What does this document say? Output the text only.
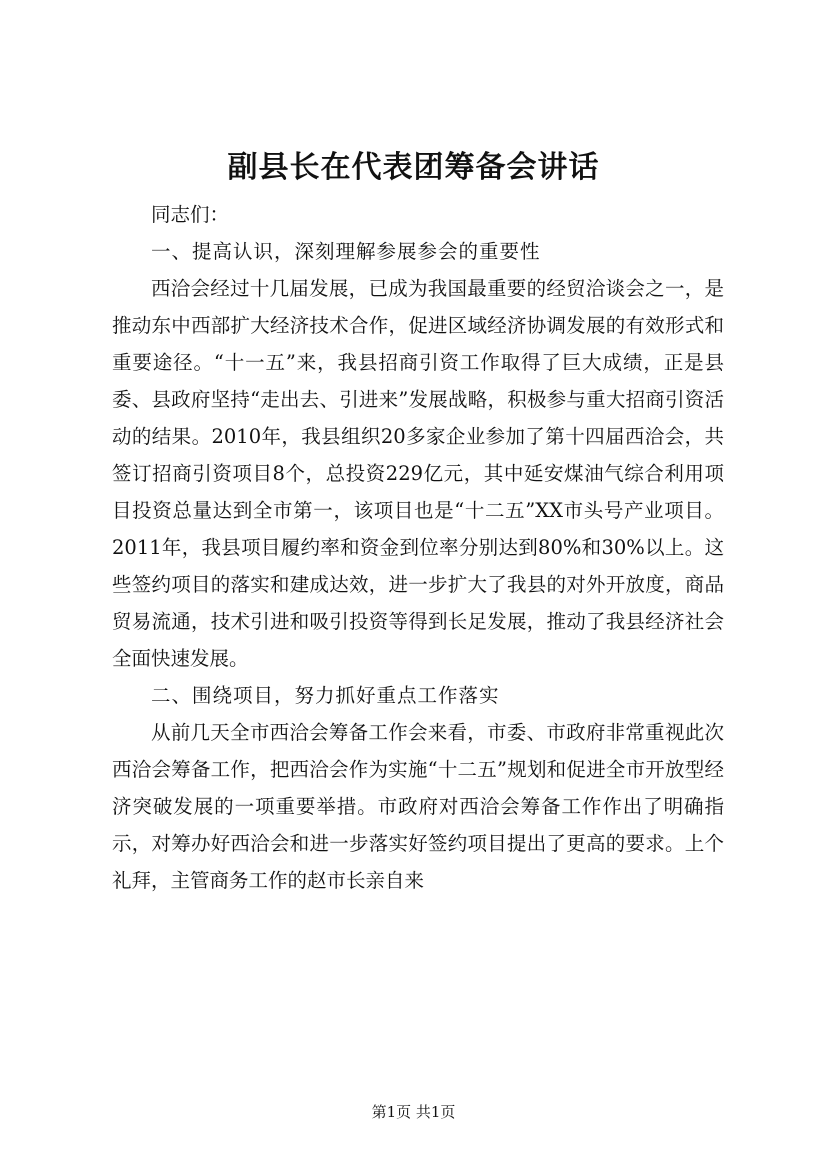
副县长在代表团筹备会讲话

同志们：

一、提高认识，深刻理解参展参会的重要性

西洽会经过十几届发展，已成为我国最重要的经贸洽谈会之一，是推动东中西部扩大经济技术合作，促进区域经济协调发展的有效形式和重要途径。“十一五”来，我县招商引资工作取得了巨大成绩，正是县委、县政府坚持“走出去、引进来”发展战略，积极参与重大招商引资活动的结果。2010年，我县组织20多家企业参加了第十四届西洽会，共签订招商引资项目8个，总投资229亿元，其中延安煤油气综合利用项目投资总量达到全市第一，该项目也是“十二五”XX市头号产业项目。2011年，我县项目履约率和资金到位率分别达到80%和30%以上。这些签约项目的落实和建成达效，进一步扩大了我县的对外开放度，商品贸易流通，技术引进和吸引投资等得到长足发展，推动了我县经济社会全面快速发展。

二、围绕项目，努力抓好重点工作落实

从前几天全市西洽会筹备工作会来看，市委、市政府非常重视此次西洽会筹备工作，把西洽会作为实施“十二五”规划和促进全市开放型经济突破发展的一项重要举措。市政府对西洽会筹备工作作出了明确指示，对筹办好西洽会和进一步落实好签约项目提出了更高的要求。上个礼拜，主管商务工作的赵市长亲自来

第1页 共1页
